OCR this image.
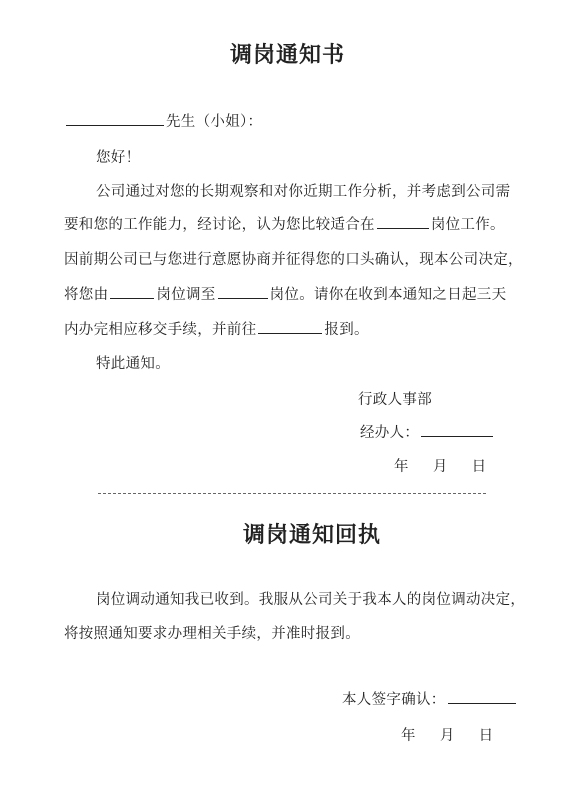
调岗通知书
先生（小姐）：
您好！
公司通过对您的长期观察和对你近期工作分析，并考虑到公司需
要和您的工作能力，经讨论，认为您比较适合在	岗位工作。
因前期公司已与您进行意愿协商并征得您的口头确认，现本公司决定，
将您由	岗位调至	岗位。请你在收到本通知之日起三天
内办完相应移交手续，并前往	报到。
特此通知。
行政人事部
经办人：
年 月 日
调岗通知回执
岗位调动通知我已收到。我服从公司关于我本人的岗位调动决定，
将按照通知要求办理相关手续，并准时报到。
本人签字确认：
年 月 日
